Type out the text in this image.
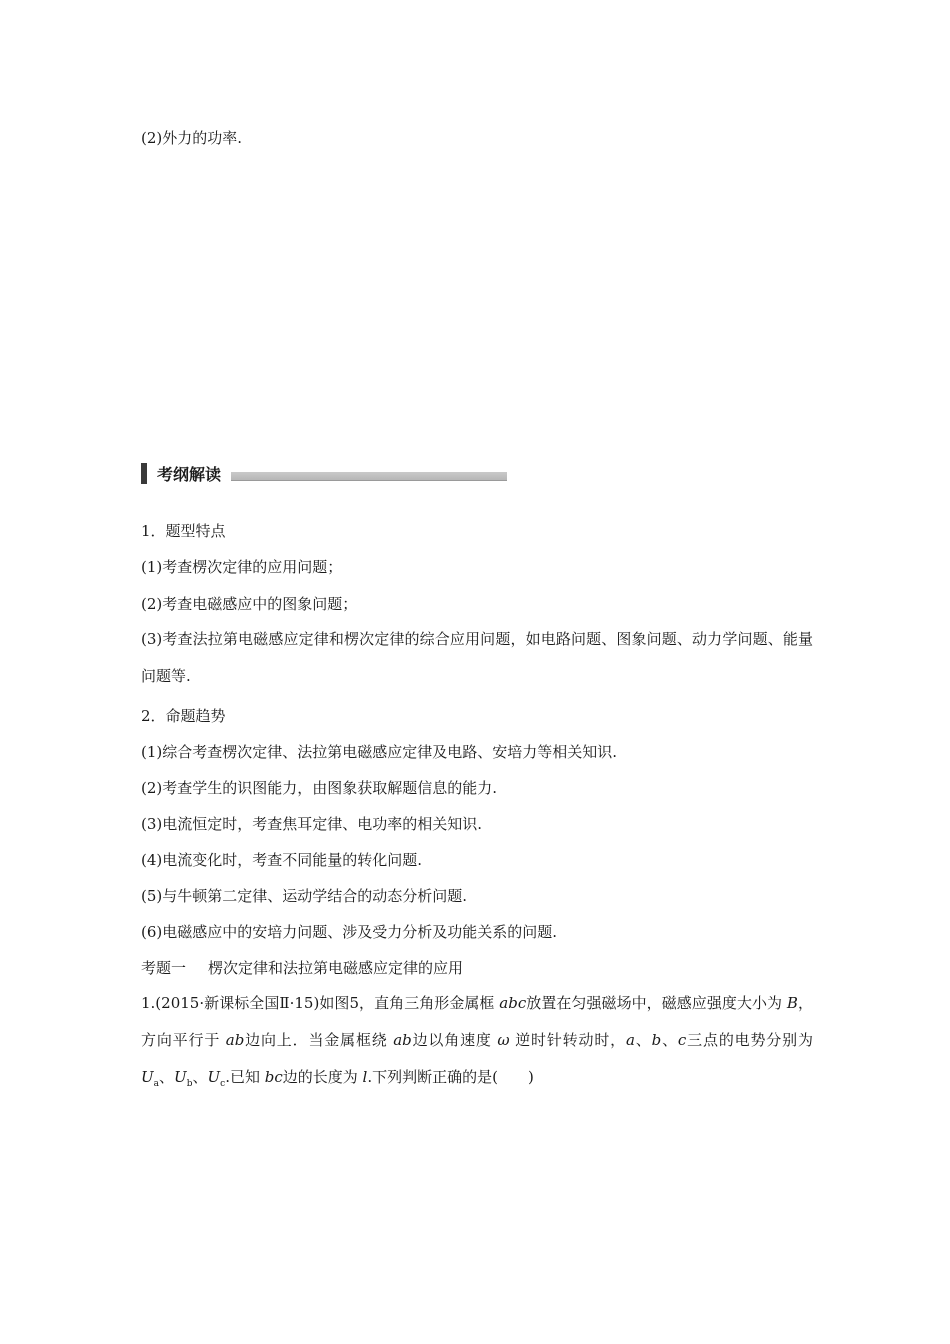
(2)外力的功率.
考纲解读
1．题型特点
(1)考查楞次定律的应用问题；
(2)考查电磁感应中的图象问题；
(3)考查法拉第电磁感应定律和楞次定律的综合应用问题，如电路问题、图象问题、动力学问题、能量问题等.
2．命题趋势
(1)综合考查楞次定律、法拉第电磁感应定律及电路、安培力等相关知识.
(2)考查学生的识图能力，由图象获取解题信息的能力.
(3)电流恒定时，考查焦耳定律、电功率的相关知识.
(4)电流变化时，考查不同能量的转化问题.
(5)与牛顿第二定律、运动学结合的动态分析问题.
(6)电磁感应中的安培力问题、涉及受力分析及功能关系的问题.
考题一 楞次定律和法拉第电磁感应定律的应用
1.(2015·新课标全国Ⅱ·15)如图5，直角三角形金属框 abc放置在匀强磁场中，磁感应强度大小为 B，方向平行于 ab边向上．当金属框绕 ab边以角速度 ω 逆时针转动时，a、b、c三点的电势分别为 $U_a$、$U_b$、$U_c$.已知 bc边的长度为 l.下列判断正确的是( )
